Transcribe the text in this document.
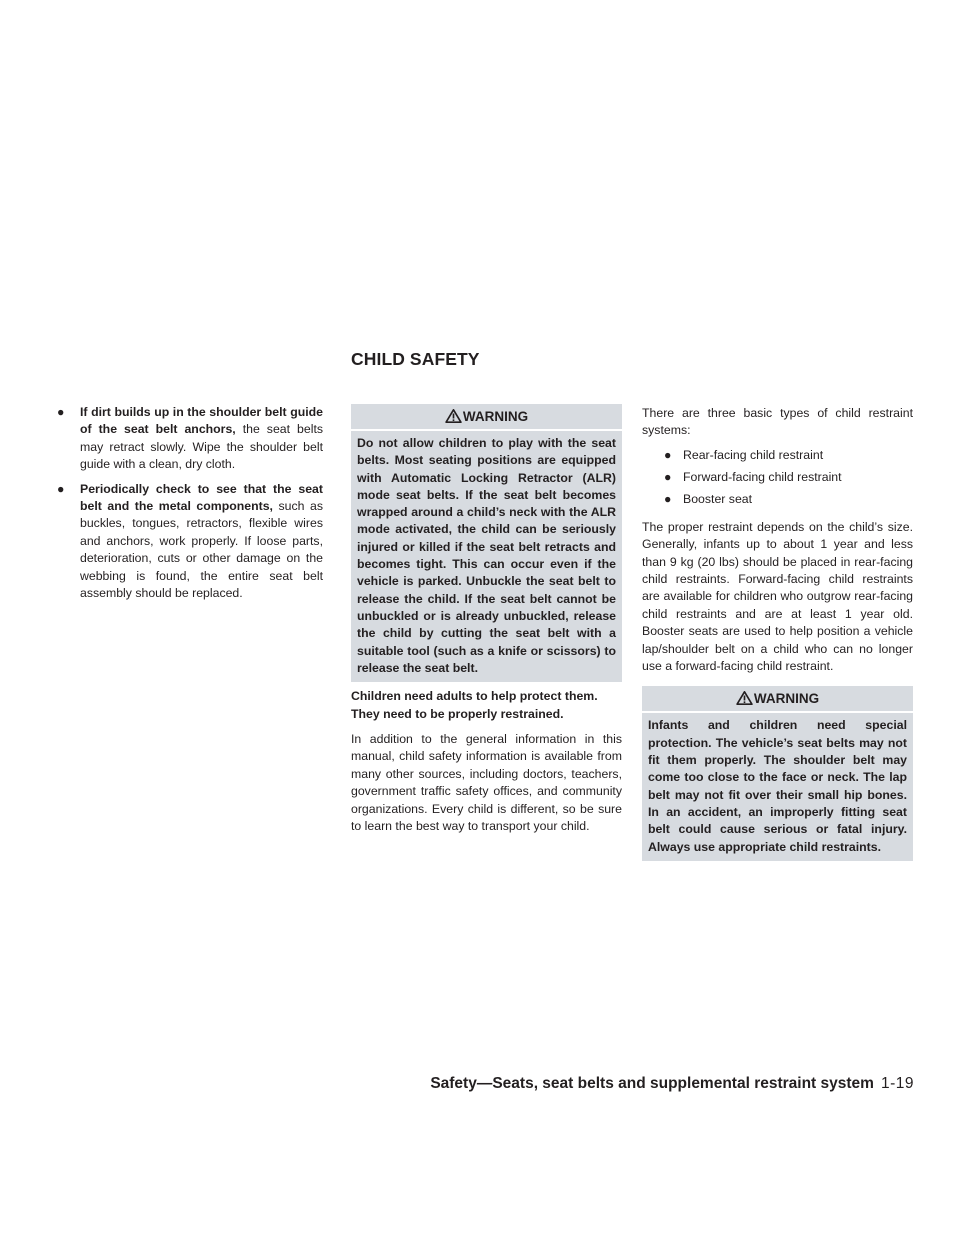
CHILD SAFETY
● If dirt builds up in the shoulder belt guide of the seat belt anchors, the seat belts may retract slowly. Wipe the shoulder belt guide with a clean, dry cloth.
● Periodically check to see that the seat belt and the metal components, such as buckles, tongues, retractors, flexible wires and anchors, work properly. If loose parts, deterioration, cuts or other damage on the webbing is found, the entire seat belt assembly should be replaced.
WARNING
Do not allow children to play with the seat belts. Most seating positions are equipped with Automatic Locking Retractor (ALR) mode seat belts. If the seat belt becomes wrapped around a child’s neck with the ALR mode activated, the child can be seriously injured or killed if the seat belt retracts and becomes tight. This can occur even if the vehicle is parked. Unbuckle the seat belt to release the child. If the seat belt cannot be unbuckled or is already unbuckled, release the child by cutting the seat belt with a suitable tool (such as a knife or scissors) to release the seat belt.

Children need adults to help protect them. They need to be properly restrained.

In addition to the general information in this manual, child safety information is available from many other sources, including doctors, teachers, government traffic safety offices, and community organizations. Every child is different, so be sure to learn the best way to transport your child.

There are three basic types of child restraint systems:

● Rear-facing child restraint
● Forward-facing child restraint
● Booster seat

The proper restraint depends on the child’s size. Generally, infants up to about 1 year and less than 9 kg (20 lbs) should be placed in rear-facing child restraints. Forward-facing child restraints are available for children who outgrow rear-facing child restraints and are at least 1 year old. Booster seats are used to help position a vehicle lap/shoulder belt on a child who can no longer use a forward-facing child restraint.

WARNING
Infants and children need special protection. The vehicle’s seat belts may not fit them properly. The shoulder belt may come too close to the face or neck. The lap belt may not fit over their small hip bones. In an accident, an improperly fitting seat belt could cause serious or fatal injury. Always use appropriate child restraints.
Safety—Seats, seat belts and supplemental restraint system 1-19
